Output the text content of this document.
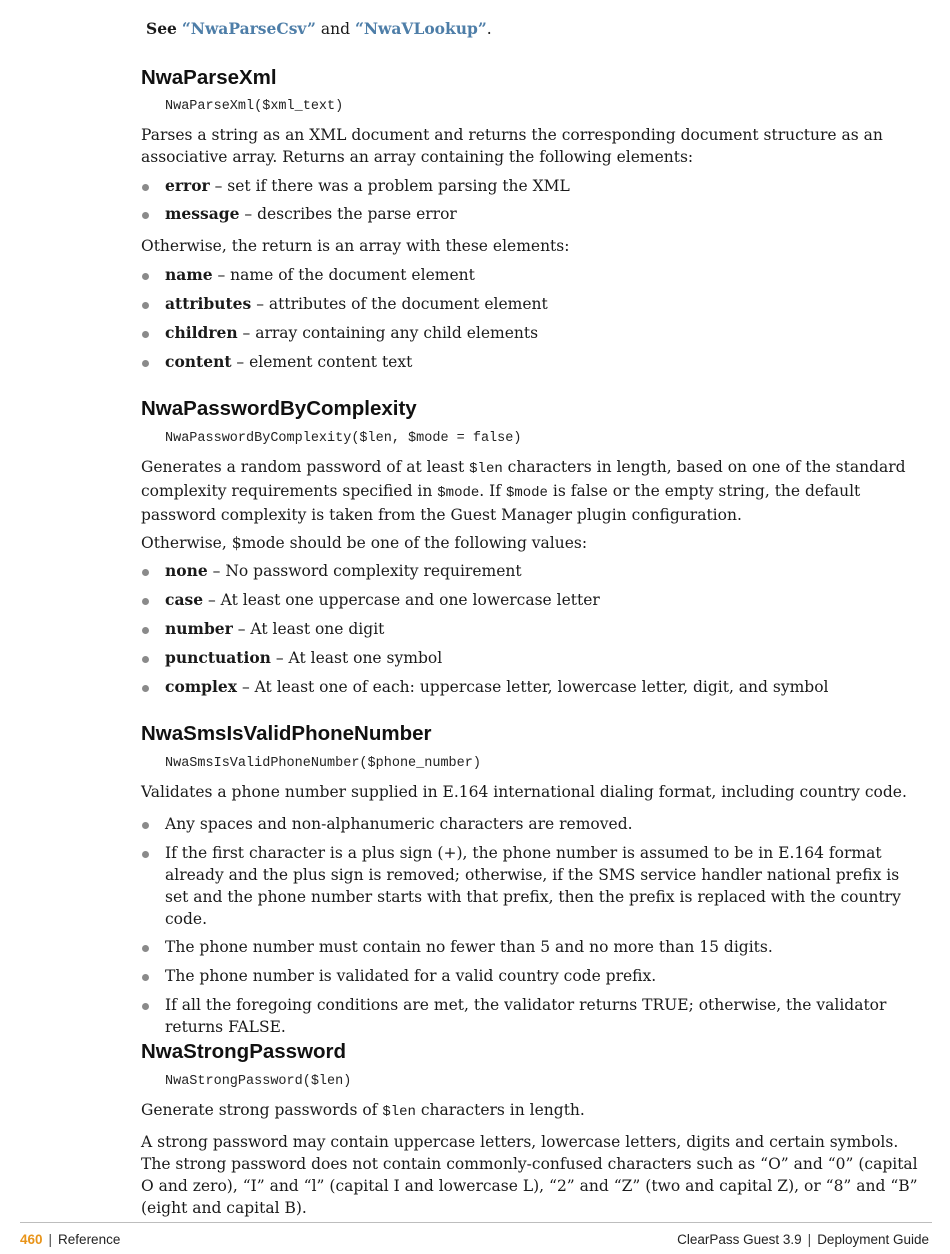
See “NwaParseCsv” and “NwaVLookup”.
NwaParseXml
NwaParseXml($xml_text)

Parses a string as an XML document and returns the corresponding document structure as an associative array. Returns an array containing the following elements:

error – set if there was a problem parsing the XML
message – describes the parse error

Otherwise, the return is an array with these elements:

name – name of the document element
attributes – attributes of the document element
children – array containing any child elements
content – element content text
NwaPasswordByComplexity
NwaPasswordByComplexity($len, $mode = false)

Generates a random password of at least $len characters in length, based on one of the standard complexity requirements specified in $mode. If $mode is false or the empty string, the default password complexity is taken from the Guest Manager plugin configuration.

Otherwise, $mode should be one of the following values:

none – No password complexity requirement
case – At least one uppercase and one lowercase letter
number – At least one digit
punctuation – At least one symbol
complex – At least one of each: uppercase letter, lowercase letter, digit, and symbol
NwaSmsIsValidPhoneNumber
NwaSmsIsValidPhoneNumber($phone_number)

Validates a phone number supplied in E.164 international dialing format, including country code.

Any spaces and non-alphanumeric characters are removed.
If the first character is a plus sign (+), the phone number is assumed to be in E.164 format already and the plus sign is removed; otherwise, if the SMS service handler national prefix is set and the phone number starts with that prefix, then the prefix is replaced with the country code.
The phone number must contain no fewer than 5 and no more than 15 digits.
The phone number is validated for a valid country code prefix.
If all the foregoing conditions are met, the validator returns TRUE; otherwise, the validator returns FALSE.
NwaStrongPassword
NwaStrongPassword($len)

Generate strong passwords of $len characters in length.

A strong password may contain uppercase letters, lowercase letters, digits and certain symbols. The strong password does not contain commonly-confused characters such as “O” and “0” (capital O and zero), “I” and “l” (capital I and lowercase L), “2” and “Z” (two and capital Z), or “8” and “B” (eight and capital B).

460 | Reference	ClearPass Guest 3.9 | Deployment Guide
